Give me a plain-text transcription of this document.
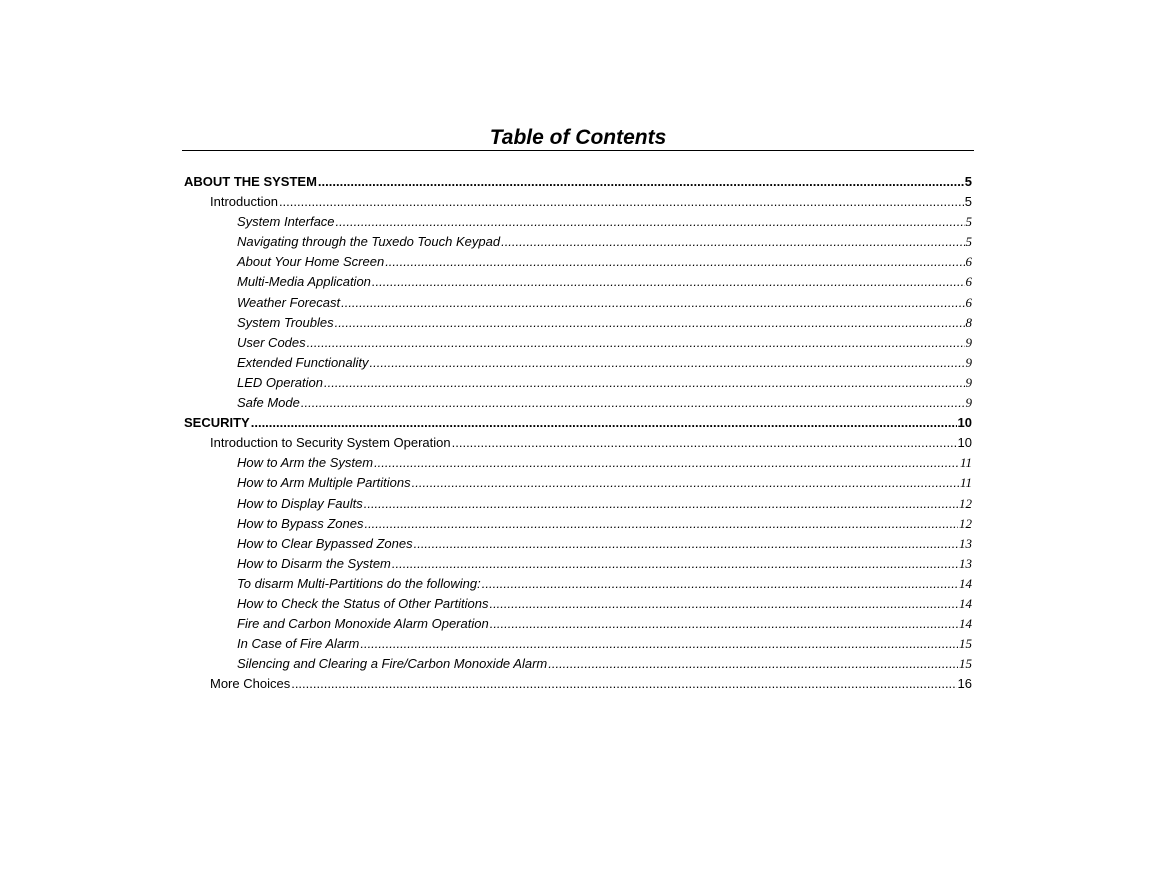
Table of Contents
ABOUT THE SYSTEM .....	5
Introduction .....	5
System Interface .....	5
Navigating through the Tuxedo Touch Keypad .....	5
About Your Home Screen .....	6
Multi-Media Application .....	6
Weather Forecast .....	6
System Troubles .....	8
User Codes .....	9
Extended Functionality .....	9
LED Operation .....	9
Safe Mode .....	9
SECURITY .....	10
Introduction to Security System Operation .....	10
How to Arm the System .....	11
How to Arm Multiple Partitions .....	11
How to Display Faults .....	12
How to Bypass Zones .....	12
How to Clear Bypassed Zones .....	13
How to Disarm the System .....	13
To disarm Multi-Partitions do the following: .....	14
How to Check the Status of Other Partitions .....	14
Fire and Carbon Monoxide Alarm Operation .....	14
In Case of Fire Alarm .....	15
Silencing and Clearing a Fire/Carbon Monoxide Alarm .....	15
More Choices .....	16
